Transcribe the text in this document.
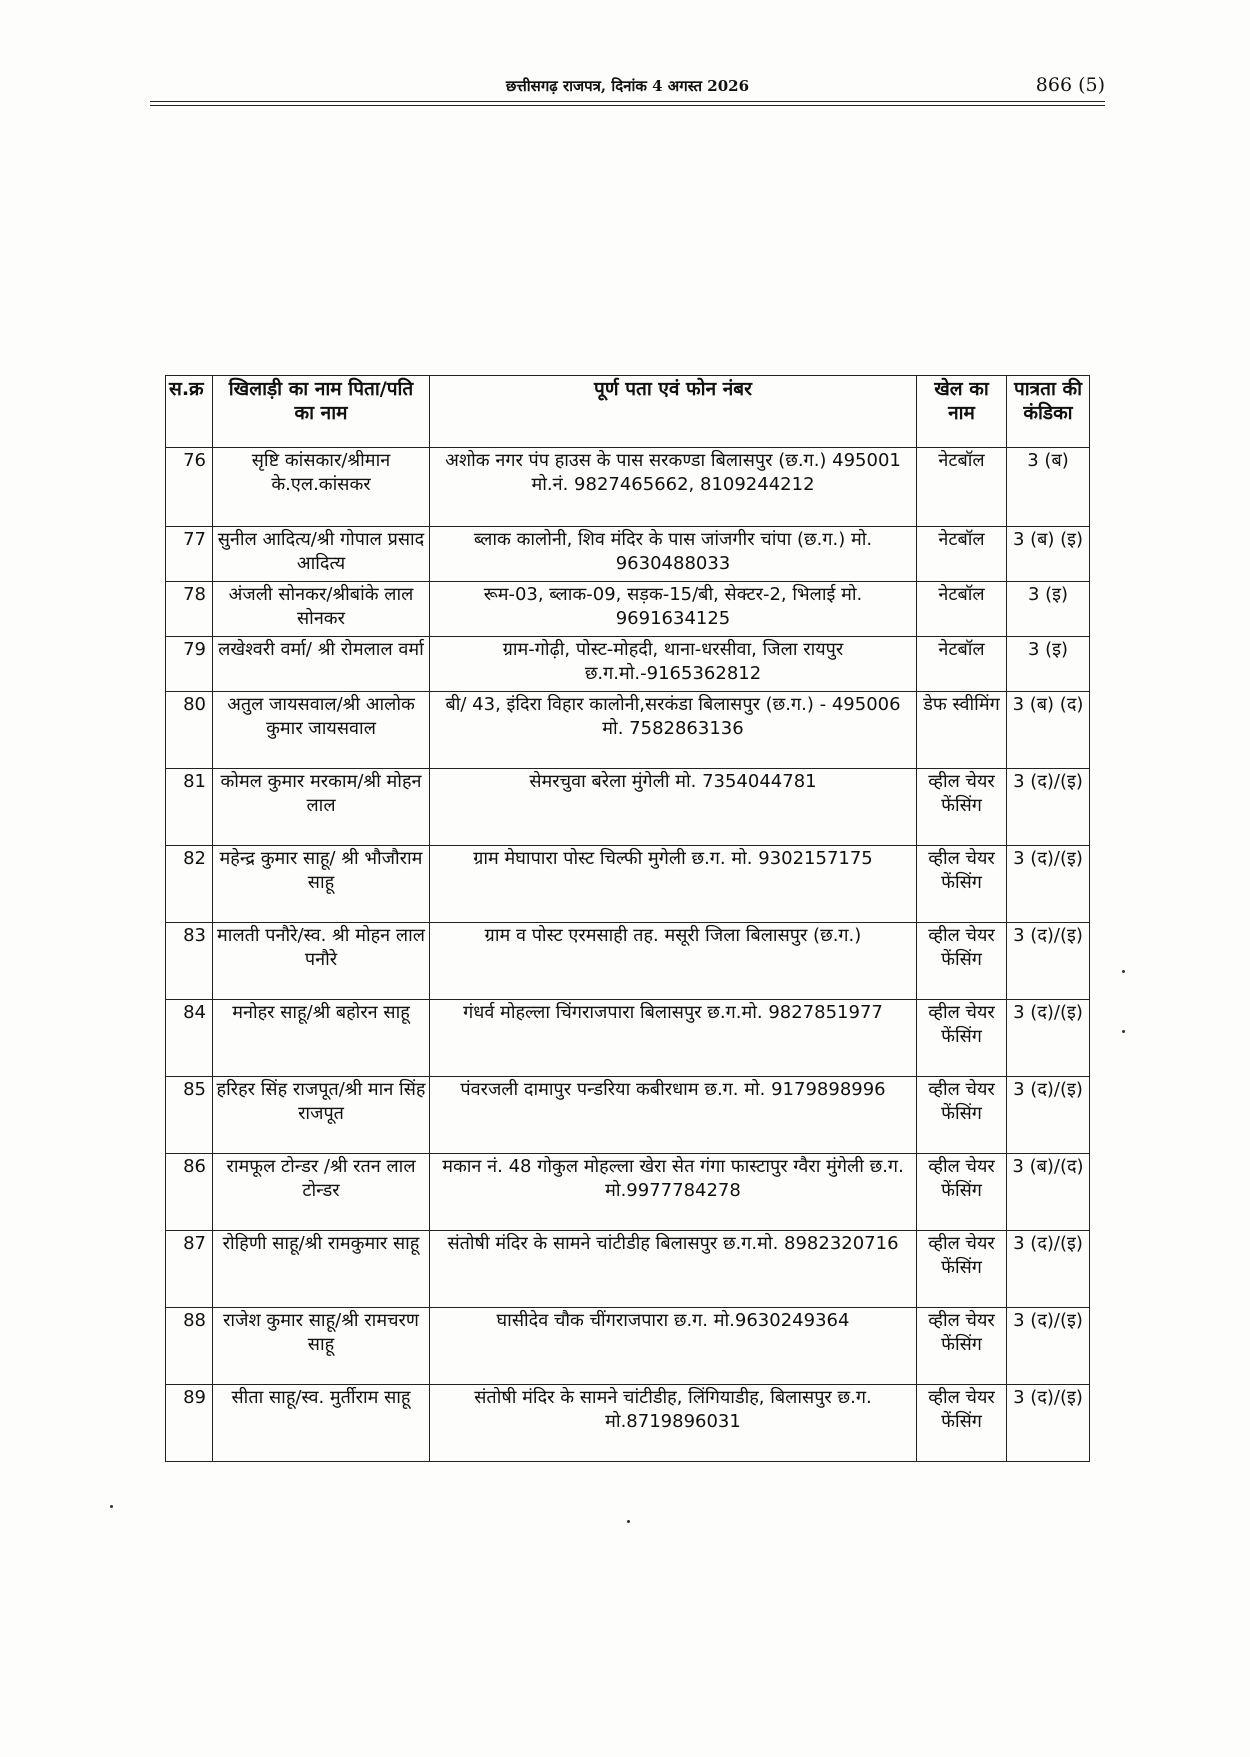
छत्तीसगढ़ राजपत्र, दिनांक 4 अगस्त 2026	866 (5)
स.क्र	खिलाड़ी का नाम पिता/पति का नाम	पूर्ण पता एवं फोन नंबर	खेल का नाम	पात्रता की कंडिका
76	सृष्टि कांसकार/श्रीमान के.एल.कांसकर	अशोक नगर पंप हाउस के पास सरकण्डा बिलासपुर (छ.ग.) 495001 मो.नं. 9827465662, 8109244212	नेटबॉल	3 (ब)
77	सुनील आदित्य/श्री गोपाल प्रसाद आदित्य	ब्लाक कालोनी, शिव मंदिर के पास जांजगीर चांपा (छ.ग.) मो. 9630488033	नेटबॉल	3 (ब) (इ)
78	अंजली सोनकर/श्रीबांके लाल सोनकर	रूम-03, ब्लाक-09, सड़क-15/बी, सेक्टर-2, भिलाई मो. 9691634125	नेटबॉल	3 (इ)
79	लखेश्वरी वर्मा/ श्री रोमलाल वर्मा	ग्राम-गोढ़ी, पोस्ट-मोहदी, थाना-धरसीवा, जिला रायपुर छ.ग.मो.-9165362812	नेटबॉल	3 (इ)
80	अतुल जायसवाल/श्री आलोक कुमार जायसवाल	बी/ 43, इंदिरा विहार कालोनी,सरकंडा बिलासपुर (छ.ग.) - 495006 मो. 7582863136	डेफ स्वीमिंग	3 (ब) (द)
81	कोमल कुमार मरकाम/श्री मोहन लाल	सेमरचुवा बरेला मुंगेली मो. 7354044781	व्हील चेयर फेंसिंग	3 (द)/(इ)
82	महेन्द्र कुमार साहू/ श्री भौजौराम साहू	ग्राम मेघापारा पोस्ट चिल्फी मुगेली छ.ग. मो. 9302157175	व्हील चेयर फेंसिंग	3 (द)/(इ)
83	मालती पनौरे/स्व. श्री मोहन लाल पनौरे	ग्राम व पोस्ट एरमसाही तह. मसूरी जिला बिलासपुर (छ.ग.)	व्हील चेयर फेंसिंग	3 (द)/(इ)
84	मनोहर साहू/श्री बहोरन साहू	गंधर्व मोहल्ला चिंगराजपारा बिलासपुर छ.ग.मो. 9827851977	व्हील चेयर फेंसिंग	3 (द)/(इ)
85	हरिहर सिंह राजपूत/श्री मान सिंह राजपूत	पंवरजली दामापुर पन्डरिया कबीरधाम छ.ग. मो. 9179898996	व्हील चेयर फेंसिंग	3 (द)/(इ)
86	रामफूल टोन्डर /श्री रतन लाल टोन्डर	मकान नं. 48 गोकुल मोहल्ला खेरा सेत गंगा फास्टापुर ग्वैरा मुंगेली छ.ग. मो.9977784278	व्हील चेयर फेंसिंग	3 (ब)/(द)
87	रोहिणी साहू/श्री रामकुमार साहू	संतोषी मंदिर के सामने चांटीडीह बिलासपुर छ.ग.मो. 8982320716	व्हील चेयर फेंसिंग	3 (द)/(इ)
88	राजेश कुमार साहू/श्री रामचरण साहू	घासीदेव चौक चींगराजपारा छ.ग. मो.9630249364	व्हील चेयर फेंसिंग	3 (द)/(इ)
89	सीता साहू/स्व. मुर्तीराम साहू	संतोषी मंदिर के सामने चांटीडीह, लिंगियाडीह, बिलासपुर छ.ग. मो.8719896031	व्हील चेयर फेंसिंग	3 (द)/(इ)
